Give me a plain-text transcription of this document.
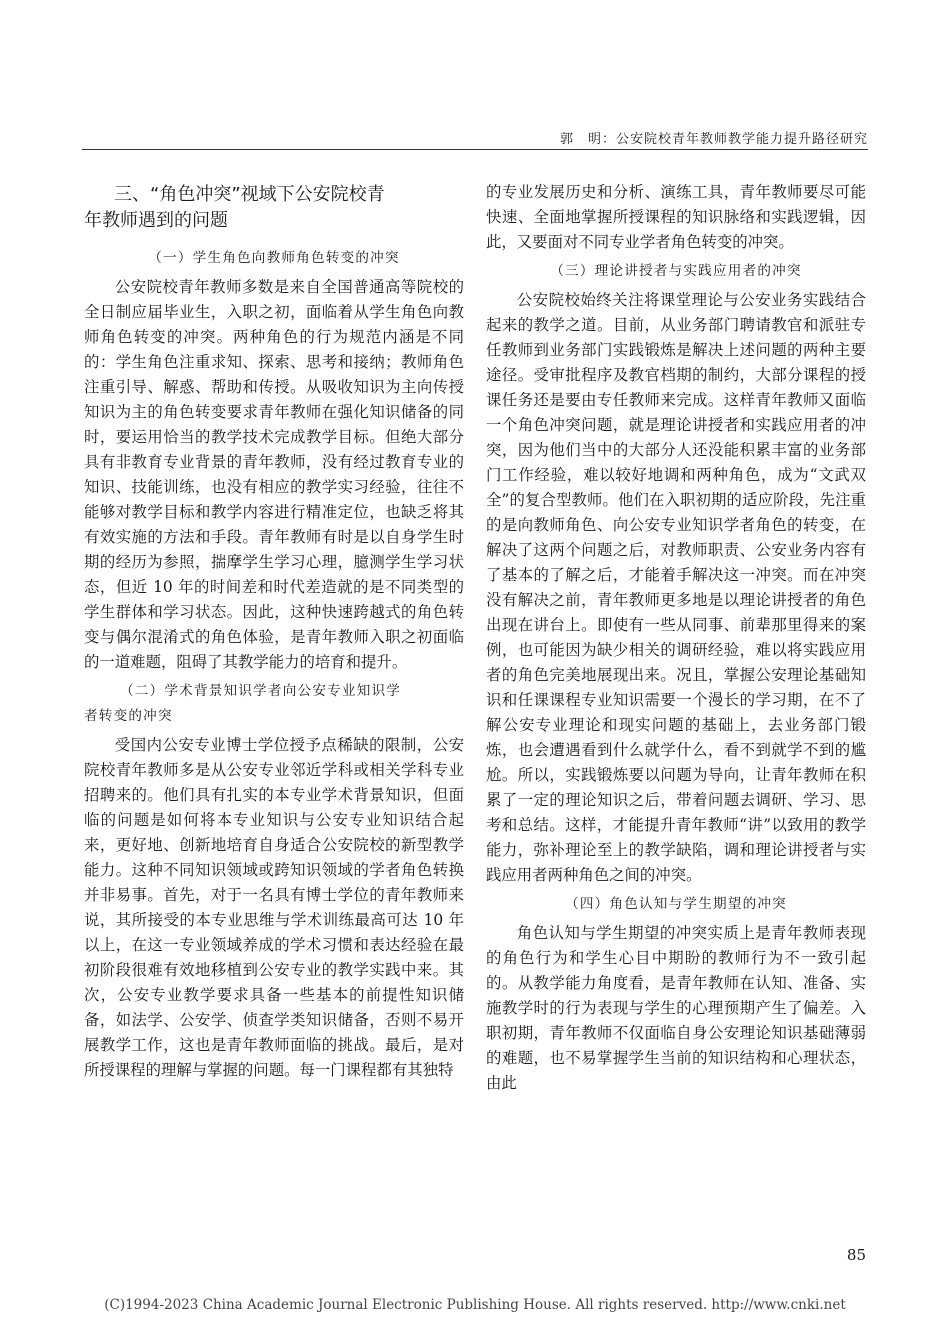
郭　明：公安院校青年教师教学能力提升路径研究
三、“角色冲突”视域下公安院校青
年教师遇到的问题
（一）学生角色向教师角色转变的冲突

公安院校青年教师多数是来自全国普通高等院校的全日制应届毕业生，入职之初，面临着从学生角色向教师角色转变的冲突。两种角色的行为规范内涵是不同的：学生角色注重求知、探索、思考和接纳；教师角色注重引导、解惑、帮助和传授。从吸收知识为主向传授知识为主的角色转变要求青年教师在强化知识储备的同时，要运用恰当的教学技术完成教学目标。但绝大部分具有非教育专业背景的青年教师，没有经过教育专业的知识、技能训练，也没有相应的教学实习经验，往往不能够对教学目标和教学内容进行精准定位，也缺乏将其有效实施的方法和手段。青年教师有时是以自身学生时期的经历为参照，揣摩学生学习心理，臆测学生学习状态，但近 10 年的时间差和时代差造就的是不同类型的学生群体和学习状态。因此，这种快速跨越式的角色转变与偶尔混淆式的角色体验，是青年教师入职之初面临的一道难题，阻碍了其教学能力的培育和提升。

（二）学术背景知识学者向公安专业知识学
者转变的冲突

受国内公安专业博士学位授予点稀缺的限制，公安院校青年教师多是从公安专业邻近学科或相关学科专业招聘来的。他们具有扎实的本专业学术背景知识，但面临的问题是如何将本专业知识与公安专业知识结合起来，更好地、创新地培育自身适合公安院校的新型教学能力。这种不同知识领域或跨知识领域的学者角色转换并非易事。首先，对于一名具有博士学位的青年教师来说，其所接受的本专业思维与学术训练最高可达 10 年以上，在这一专业领域养成的学术习惯和表达经验在最初阶段很难有效地移植到公安专业的教学实践中来。其次，公安专业教学要求具备一些基本的前提性知识储备，如法学、公安学、侦查学类知识储备，否则不易开展教学工作，这也是青年教师面临的挑战。最后，是对所授课程的理解与掌握的问题。每一门课程都有其独特

的专业发展历史和分析、演练工具，青年教师要尽可能快速、全面地掌握所授课程的知识脉络和实践逻辑，因此，又要面对不同专业学者角色转变的冲突。

（三）理论讲授者与实践应用者的冲突

公安院校始终关注将课堂理论与公安业务实践结合起来的教学之道。目前，从业务部门聘请教官和派驻专任教师到业务部门实践锻炼是解决上述问题的两种主要途径。受审批程序及教官档期的制约，大部分课程的授课任务还是要由专任教师来完成。这样青年教师又面临一个角色冲突问题，就是理论讲授者和实践应用者的冲突，因为他们当中的大部分人还没能积累丰富的业务部门工作经验，难以较好地调和两种角色，成为“文武双全”的复合型教师。他们在入职初期的适应阶段，先注重的是向教师角色、向公安专业知识学者角色的转变，在解决了这两个问题之后，对教师职责、公安业务内容有了基本的了解之后，才能着手解决这一冲突。而在冲突没有解决之前，青年教师更多地是以理论讲授者的角色出现在讲台上。即使有一些从同事、前辈那里得来的案例，也可能因为缺少相关的调研经验，难以将实践应用者的角色完美地展现出来。况且，掌握公安理论基础知识和任课课程专业知识需要一个漫长的学习期，在不了解公安专业理论和现实问题的基础上，去业务部门锻炼，也会遭遇看到什么就学什么，看不到就学不到的尴尬。所以，实践锻炼要以问题为导向，让青年教师在积累了一定的理论知识之后，带着问题去调研、学习、思考和总结。这样，才能提升青年教师“讲”以致用的教学能力，弥补理论至上的教学缺陷，调和理论讲授者与实践应用者两种角色之间的冲突。

（四）角色认知与学生期望的冲突

角色认知与学生期望的冲突实质上是青年教师表现的角色行为和学生心目中期盼的教师行为不一致引起的。从教学能力角度看，是青年教师在认知、准备、实施教学时的行为表现与学生的心理预期产生了偏差。入职初期，青年教师不仅面临自身公安理论知识基础薄弱的难题，也不易掌握学生当前的知识结构和心理状态，由此

85
(C)1994-2023 China Academic Journal Electronic Publishing House. All rights reserved. http://www.cnki.net
